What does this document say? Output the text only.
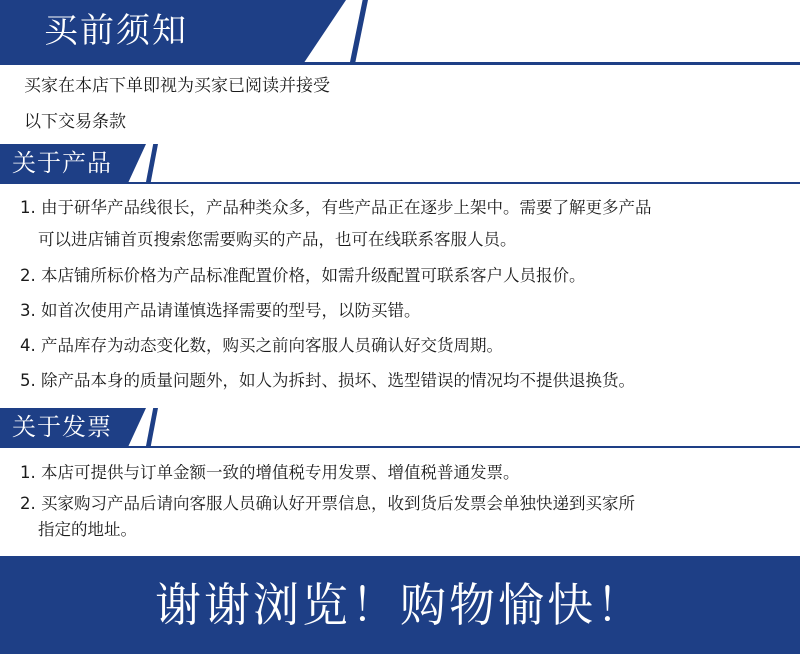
买前须知
买家在本店下单即视为买家已阅读并接受
以下交易条款
关于产品
1. 由于研华产品线很长，产品种类众多，有些产品正在逐步上架中。需要了解更多产品
可以进店铺首页搜索您需要购买的产品，也可在线联系客服人员。
2. 本店铺所标价格为产品标准配置价格，如需升级配置可联系客户人员报价。
3. 如首次使用产品请谨慎选择需要的型号，以防买错。
4. 产品库存为动态变化数，购买之前向客服人员确认好交货周期。
5. 除产品本身的质量问题外，如人为拆封、损坏、选型错误的情况均不提供退换货。
关于发票
1. 本店可提供与订单金额一致的增值税专用发票、增值税普通发票。
2. 买家购习产品后请向客服人员确认好开票信息，收到货后发票会单独快递到买家所
指定的地址。
谢谢浏览！购物愉快！
